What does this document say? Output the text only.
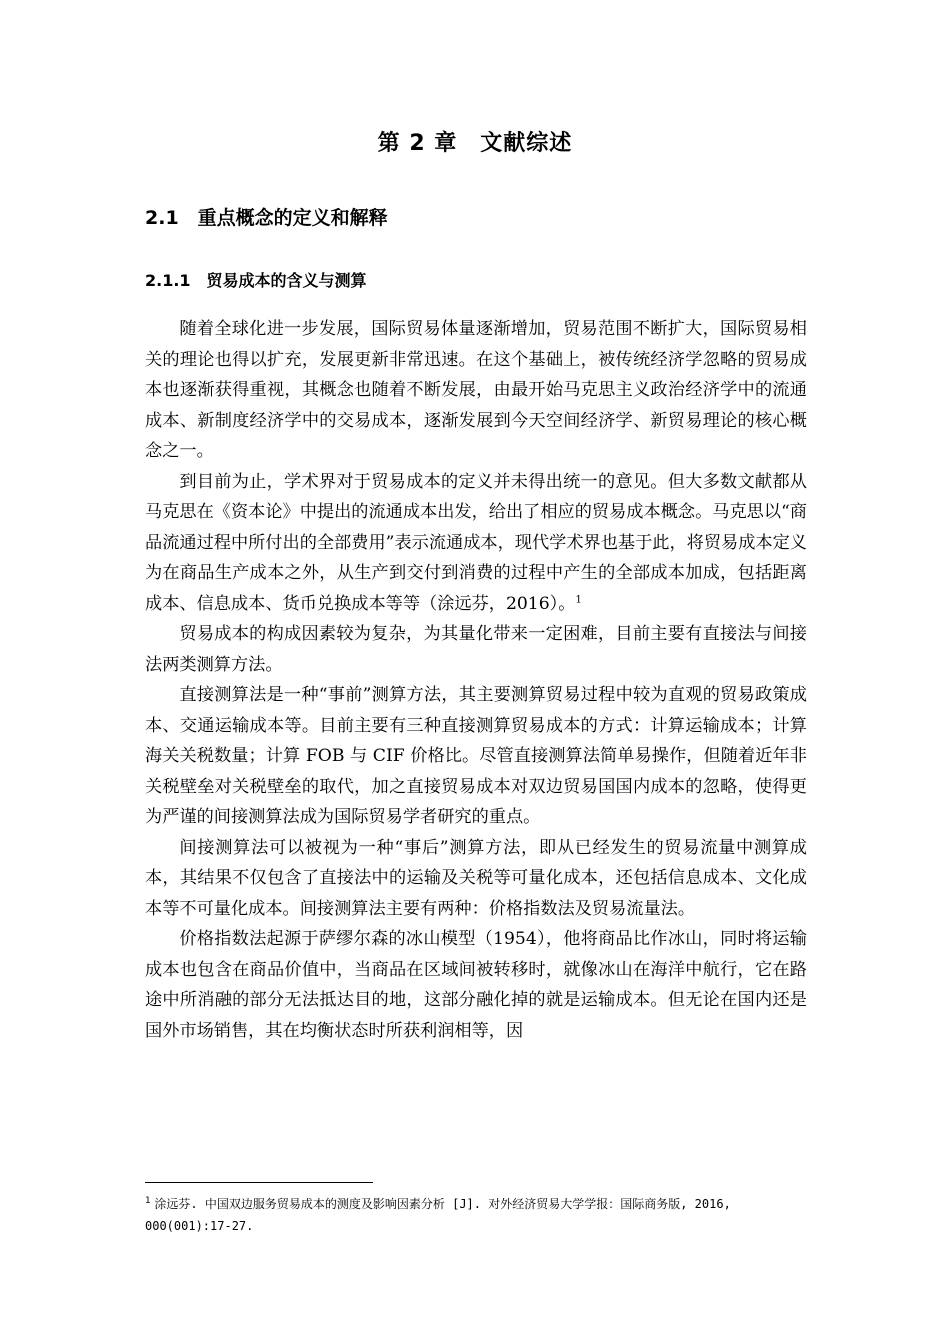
第 2 章　文献综述
2.1　重点概念的定义和解释
2.1.1　贸易成本的含义与测算

随着全球化进一步发展，国际贸易体量逐渐增加，贸易范围不断扩大，国际贸易相关的理论也得以扩充，发展更新非常迅速。在这个基础上，被传统经济学忽略的贸易成本也逐渐获得重视，其概念也随着不断发展，由最开始马克思主义政治经济学中的流通成本、新制度经济学中的交易成本，逐渐发展到今天空间经济学、新贸易理论的核心概念之一。

到目前为止，学术界对于贸易成本的定义并未得出统一的意见。但大多数文献都从马克思在《资本论》中提出的流通成本出发，给出了相应的贸易成本概念。马克思以“商品流通过程中所付出的全部费用”表示流通成本，现代学术界也基于此，将贸易成本定义为在商品生产成本之外，从生产到交付到消费的过程中产生的全部成本加成，包括距离成本、信息成本、货币兑换成本等等（涂远芬，2016）。$^1$

贸易成本的构成因素较为复杂，为其量化带来一定困难，目前主要有直接法与间接法两类测算方法。

直接测算法是一种“事前”测算方法，其主要测算贸易过程中较为直观的贸易政策成本、交通运输成本等。目前主要有三种直接测算贸易成本的方式：计算运输成本；计算海关关税数量；计算 FOB 与 CIF 价格比。尽管直接测算法简单易操作，但随着近年非关税壁垒对关税壁垒的取代，加之直接贸易成本对双边贸易国国内成本的忽略，使得更为严谨的间接测算法成为国际贸易学者研究的重点。

间接测算法可以被视为一种“事后”测算方法，即从已经发生的贸易流量中测算成本，其结果不仅包含了直接法中的运输及关税等可量化成本，还包括信息成本、文化成本等不可量化成本。间接测算法主要有两种：价格指数法及贸易流量法。

价格指数法起源于萨缪尔森的冰山模型（1954），他将商品比作冰山，同时将运输成本也包含在商品价值中，当商品在区域间被转移时，就像冰山在海洋中航行，它在路途中所消融的部分无法抵达目的地，这部分融化掉的就是运输成本。但无论在国内还是国外市场销售，其在均衡状态时所获利润相等，因

$^1$ 涂远芬. 中国双边服务贸易成本的测度及影响因素分析 [J]. 对外经济贸易大学学报：国际商务版, 2016, 000(001):17-27.
